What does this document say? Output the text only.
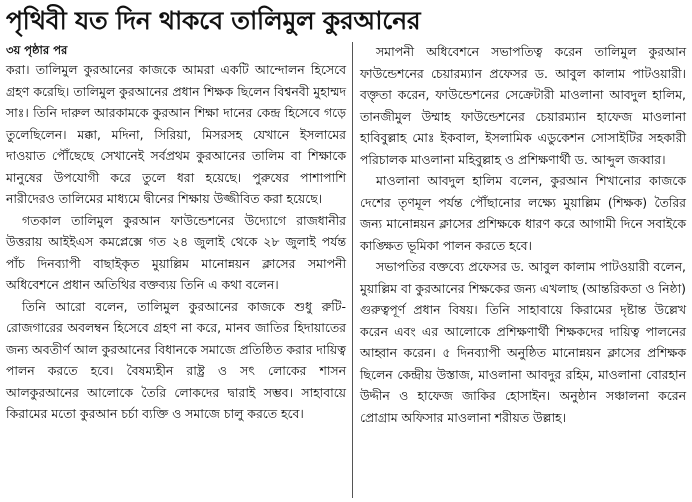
পৃথিবী যত দিন থাকবে তালিমুল কুরআনের

৩য় পৃষ্ঠার পর

করা। তালিমুল কুরআনের কাজকে আমরা একটি আন্দোলন হিসেবে গ্রহণ করেছি। তালিমুল কুরআনের প্রধান শিক্ষক ছিলেন বিশ্বনবী মুহাম্মদ সাঃ। তিনি দারুল আরকামকে কুরআন শিক্ষা দানের কেন্দ্র হিসেবে গড়ে তুলেছিলেন। মক্কা, মদিনা, সিরিয়া, মিসরসহ যেখানে ইসলামের দাওয়াত পৌঁছেছে সেখানেই সর্বপ্রথম কুরআনের তালিম বা শিক্ষাকে মানুষের উপযোগী করে তুলে ধরা হয়েছে। পুরুষের পাশাপাশি নারীদেরও তালিমের মাধ্যমে দ্বীনের শিক্ষায় উজ্জীবিত করা হয়েছে।

গতকাল তালিমুল কুরআন ফাউন্ডেশনের উদ্যোগে রাজধানীর উত্তরায় আইইএস কমপ্লেক্সে গত ২৪ জুলাই থেকে ২৮ জুলাই পর্যন্ত পাঁচ দিনব্যাপী বাছাইকৃত মুয়াল্লিম মানোন্নয়ন ক্লাসের সমাপনী অধিবেশনে প্রধান অতিথির বক্তব্যয় তিনি এ কথা বলেন।

তিনি আরো বলেন, তালিমুল কুরআনের কাজকে শুধু রুটি-রোজগারের অবলম্বন হিসেবে গ্রহণ না করে, মানব জাতির হিদায়াতের জন্য অবতীর্ণ আল কুরআনের বিধানকে সমাজে প্রতিষ্ঠিত করার দায়িত্ব পালন করতে হবে। বৈষম্যহীন রাষ্ট্র ও সৎ লোকের শাসন আলকুরআনের আলোকে তৈরি লোকদের দ্বারাই সম্ভব। সাহাবায়ে কিরামের মতো কুরআন চর্চা ব্যক্তি ও সমাজে চালু করতে হবে।

সমাপনী অধিবেশনে সভাপতিত্ব করেন তালিমুল কুরআন ফাউন্ডেশনের চেয়ারম্যান প্রফেসর ড. আবুল কালাম পাটওয়ারী। বক্তৃতা করেন, ফাউন্ডেশনের সেক্রেটারী মাওলানা আবদুল হালিম, তানজীমুল উম্মাহ ফাউন্ডেশনের চেয়ারম্যান হাফেজ মাওলানা হাবিবুল্লাহ মোঃ ইকবাল, ইসলামিক এডুকেশন সোসাইটির সহকারী পরিচালক মাওলানা মহিবুল্লাহ ও প্রশিক্ষণার্থী ড. আব্দুল জব্বার।

মাওলানা আবদুল হালিম বলেন, কুরআন শিখানোর কাজকে দেশের তৃণমূল পর্যন্ত পৌঁছানোর লক্ষ্যে মুয়াল্লিম (শিক্ষক) তৈরির জন্য মানোন্নয়ন ক্লাসের প্রশিক্ষকে ধারণ করে আগামী দিনে সবাইকে কাঙ্ক্ষিত ভূমিকা পালন করতে হবে।

সভাপতির বক্তব্যে প্রফেসর ড. আবুল কালাম পাটওয়ারী বলেন, মুয়াল্লিম বা কুরআনের শিক্ষকের জন্য এখলাছ (আন্তরিকতা ও নিষ্ঠা) গুরুত্বপূর্ণ প্রধান বিষয়। তিনি সাহাবায়ে কিরামের দৃষ্টান্ত উল্লেখ করেন এবং এর আলোকে প্রশিক্ষণার্থী শিক্ষকদের দায়িত্ব পালনের আহ্বান করেন। ৫ দিনব্যাপী অনুষ্ঠিত মানোন্নয়ন ক্লাসের প্রশিক্ষক ছিলেন কেন্দ্রীয় উস্তাজ, মাওলানা আবদুর রহিম, মাওলানা বোরহান উদ্দীন ও হাফেজ জাকির হোসাইন। অনুষ্ঠান সঞ্চালনা করেন প্রোগ্রাম অফিসার মাওলানা শরীয়ত উল্লাহ।
